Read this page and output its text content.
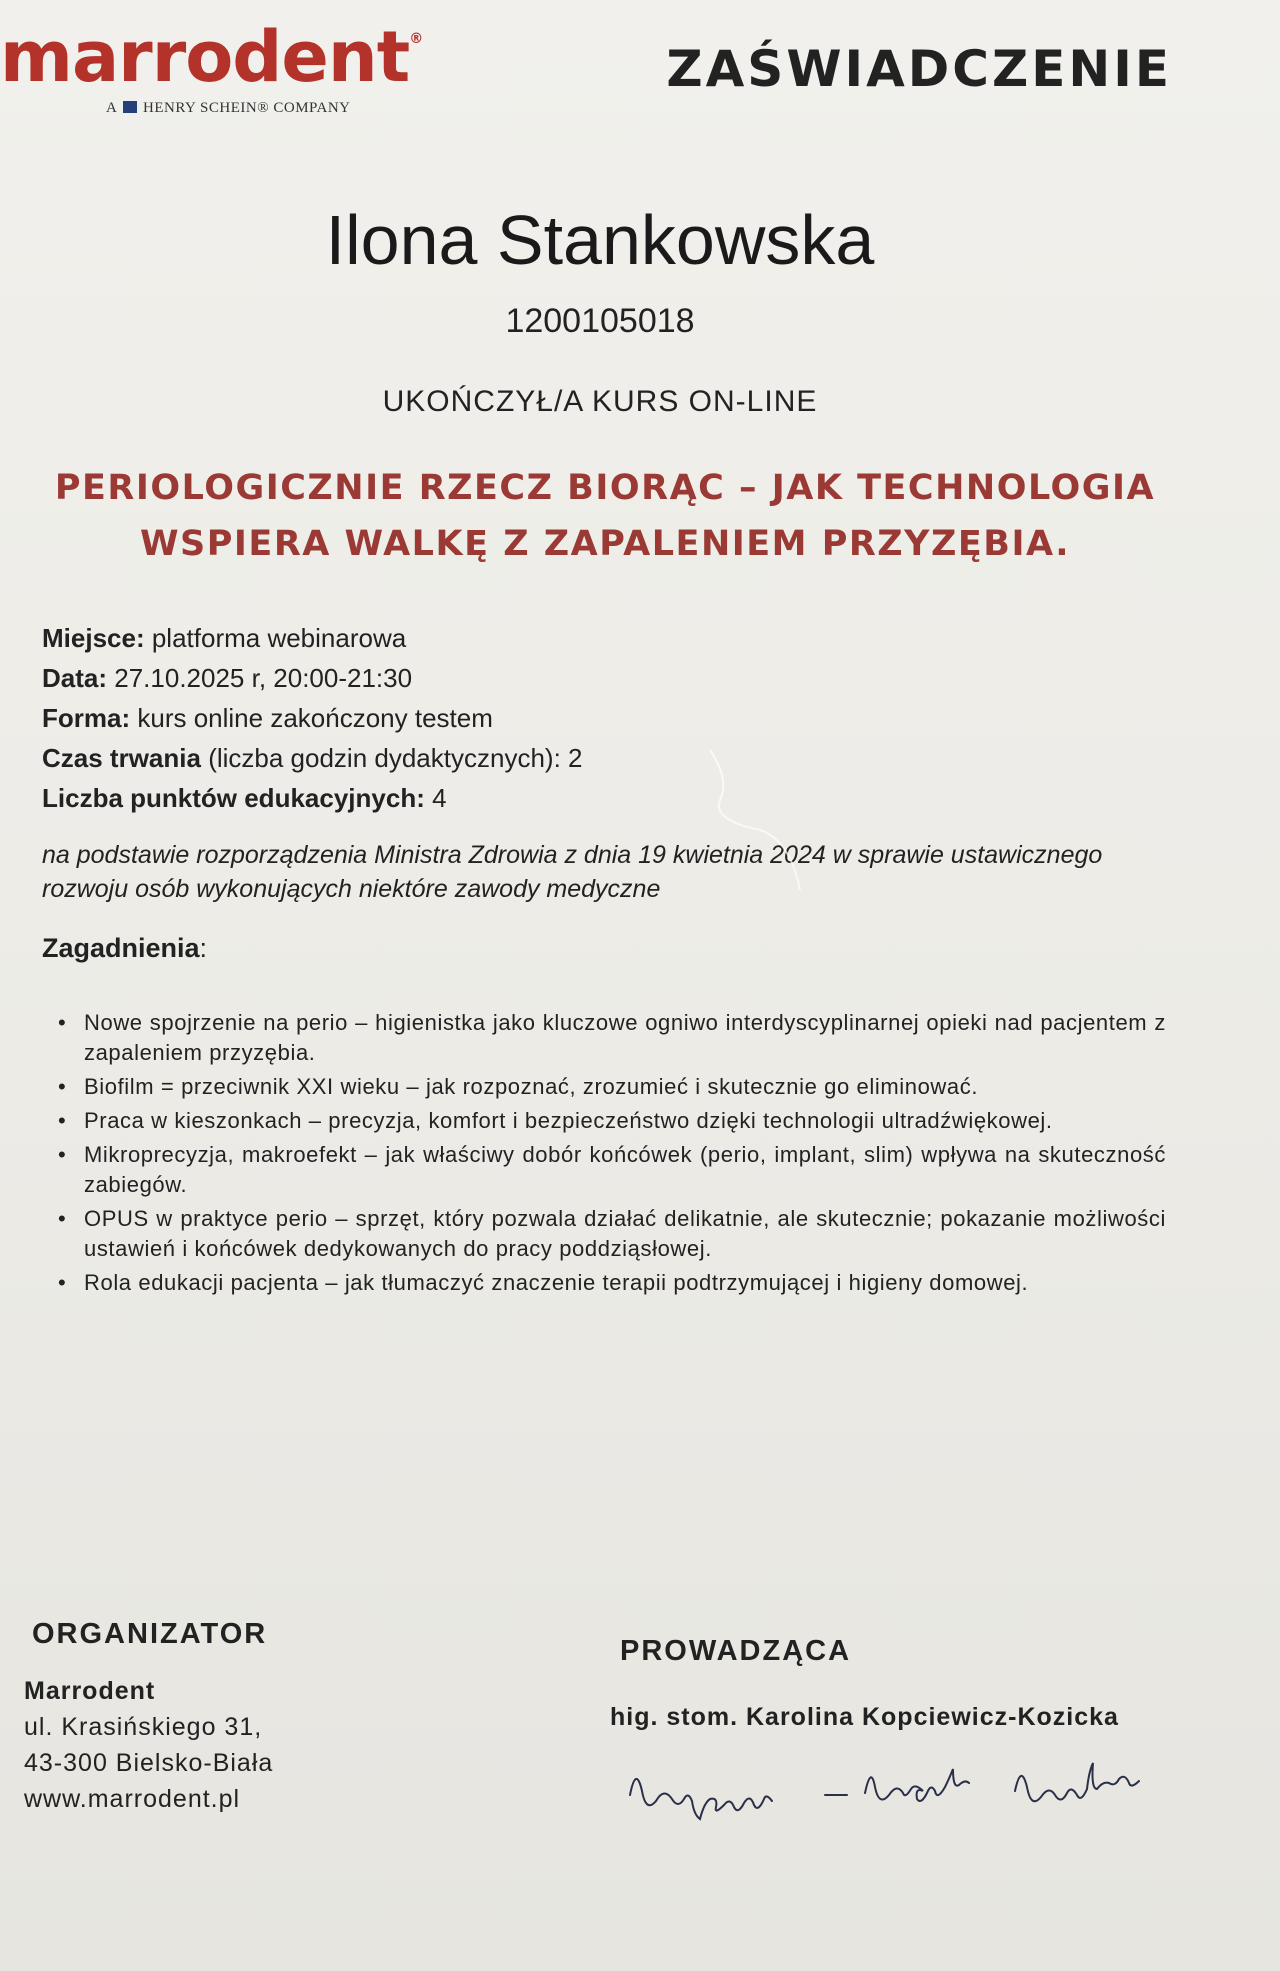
marrodent®
A HENRY SCHEIN® COMPANY
ZAŚWIADCZENIE
Ilona Stankowska
1200105018
UKOŃCZYŁ/A KURS ON-LINE
PERIOLOGICZNIE RZECZ BIORĄC – JAK TECHNOLOGIA
WSPIERA WALKĘ Z ZAPALENIEM PRZYZĘBIA.
Miejsce: platforma webinarowa
Data: 27.10.2025 r, 20:00-21:30
Forma: kurs online zakończony testem
Czas trwania (liczba godzin dydaktycznych): 2
Liczba punktów edukacyjnych: 4
na podstawie rozporządzenia Ministra Zdrowia z dnia 19 kwietnia 2024 w sprawie ustawicznego rozwoju osób wykonujących niektóre zawody medyczne
Zagadnienia:
• Nowe spojrzenie na perio – higienistka jako kluczowe ogniwo interdyscyplinarnej opieki nad pacjentem z zapaleniem przyzębia.
• Biofilm = przeciwnik XXI wieku – jak rozpoznać, zrozumieć i skutecznie go eliminować.
• Praca w kieszonkach – precyzja, komfort i bezpieczeństwo dzięki technologii ultradźwiękowej.
• Mikroprecyzja, makroefekt – jak właściwy dobór końcówek (perio, implant, slim) wpływa na skuteczność zabiegów.
• OPUS w praktyce perio – sprzęt, który pozwala działać delikatnie, ale skutecznie; pokazanie możliwości ustawień i końcówek dedykowanych do pracy poddziąsłowej.
• Rola edukacji pacjenta – jak tłumaczyć znaczenie terapii podtrzymującej i higieny domowej.
ORGANIZATOR
Marrodent
ul. Krasińskiego 31,
43-300 Bielsko-Biała
www.marrodent.pl
PROWADZĄCA
hig. stom. Karolina Kopciewicz-Kozicka
